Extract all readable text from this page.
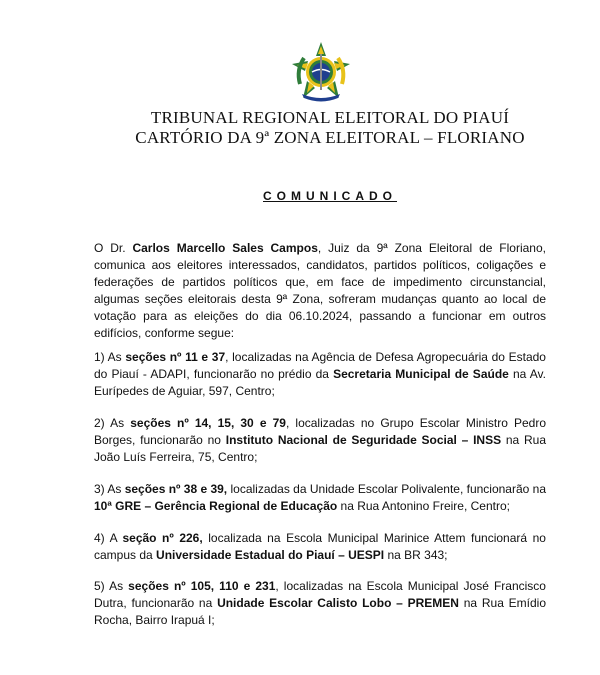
TRIBUNAL REGIONAL ELEITORAL DO PIAUÍ
CARTÓRIO DA 9ª ZONA ELEITORAL – FLORIANO
COMUNICADO

O Dr. Carlos Marcello Sales Campos, Juiz da 9ª Zona Eleitoral de Floriano, comunica aos eleitores interessados, candidatos, partidos políticos, coligações e federações de partidos políticos que, em face de impedimento circunstancial, algumas seções eleitorais desta 9ª Zona, sofreram mudanças quanto ao local de votação para as eleições do dia 06.10.2024, passando a funcionar em outros edifícios, conforme segue:

1) As seções nº 11 e 37, localizadas na Agência de Defesa Agropecuária do Estado do Piauí - ADAPI, funcionarão no prédio da Secretaria Municipal de Saúde na Av. Eurípedes de Aguiar, 597, Centro;

2) As seções nº 14, 15, 30 e 79, localizadas no Grupo Escolar Ministro Pedro Borges, funcionarão no Instituto Nacional de Seguridade Social – INSS na Rua João Luís Ferreira, 75, Centro;

3) As seções nº 38 e 39, localizadas da Unidade Escolar Polivalente, funcionarão na 10ª GRE – Gerência Regional de Educação na Rua Antonino Freire, Centro;

4) A seção nº 226, localizada na Escola Municipal Marinice Attem funcionará no campus da Universidade Estadual do Piauí – UESPI na BR 343;

5) As seções nº 105, 110 e 231, localizadas na Escola Municipal José Francisco Dutra, funcionarão na Unidade Escolar Calisto Lobo – PREMEN na Rua Emídio Rocha, Bairro Irapuá I;
